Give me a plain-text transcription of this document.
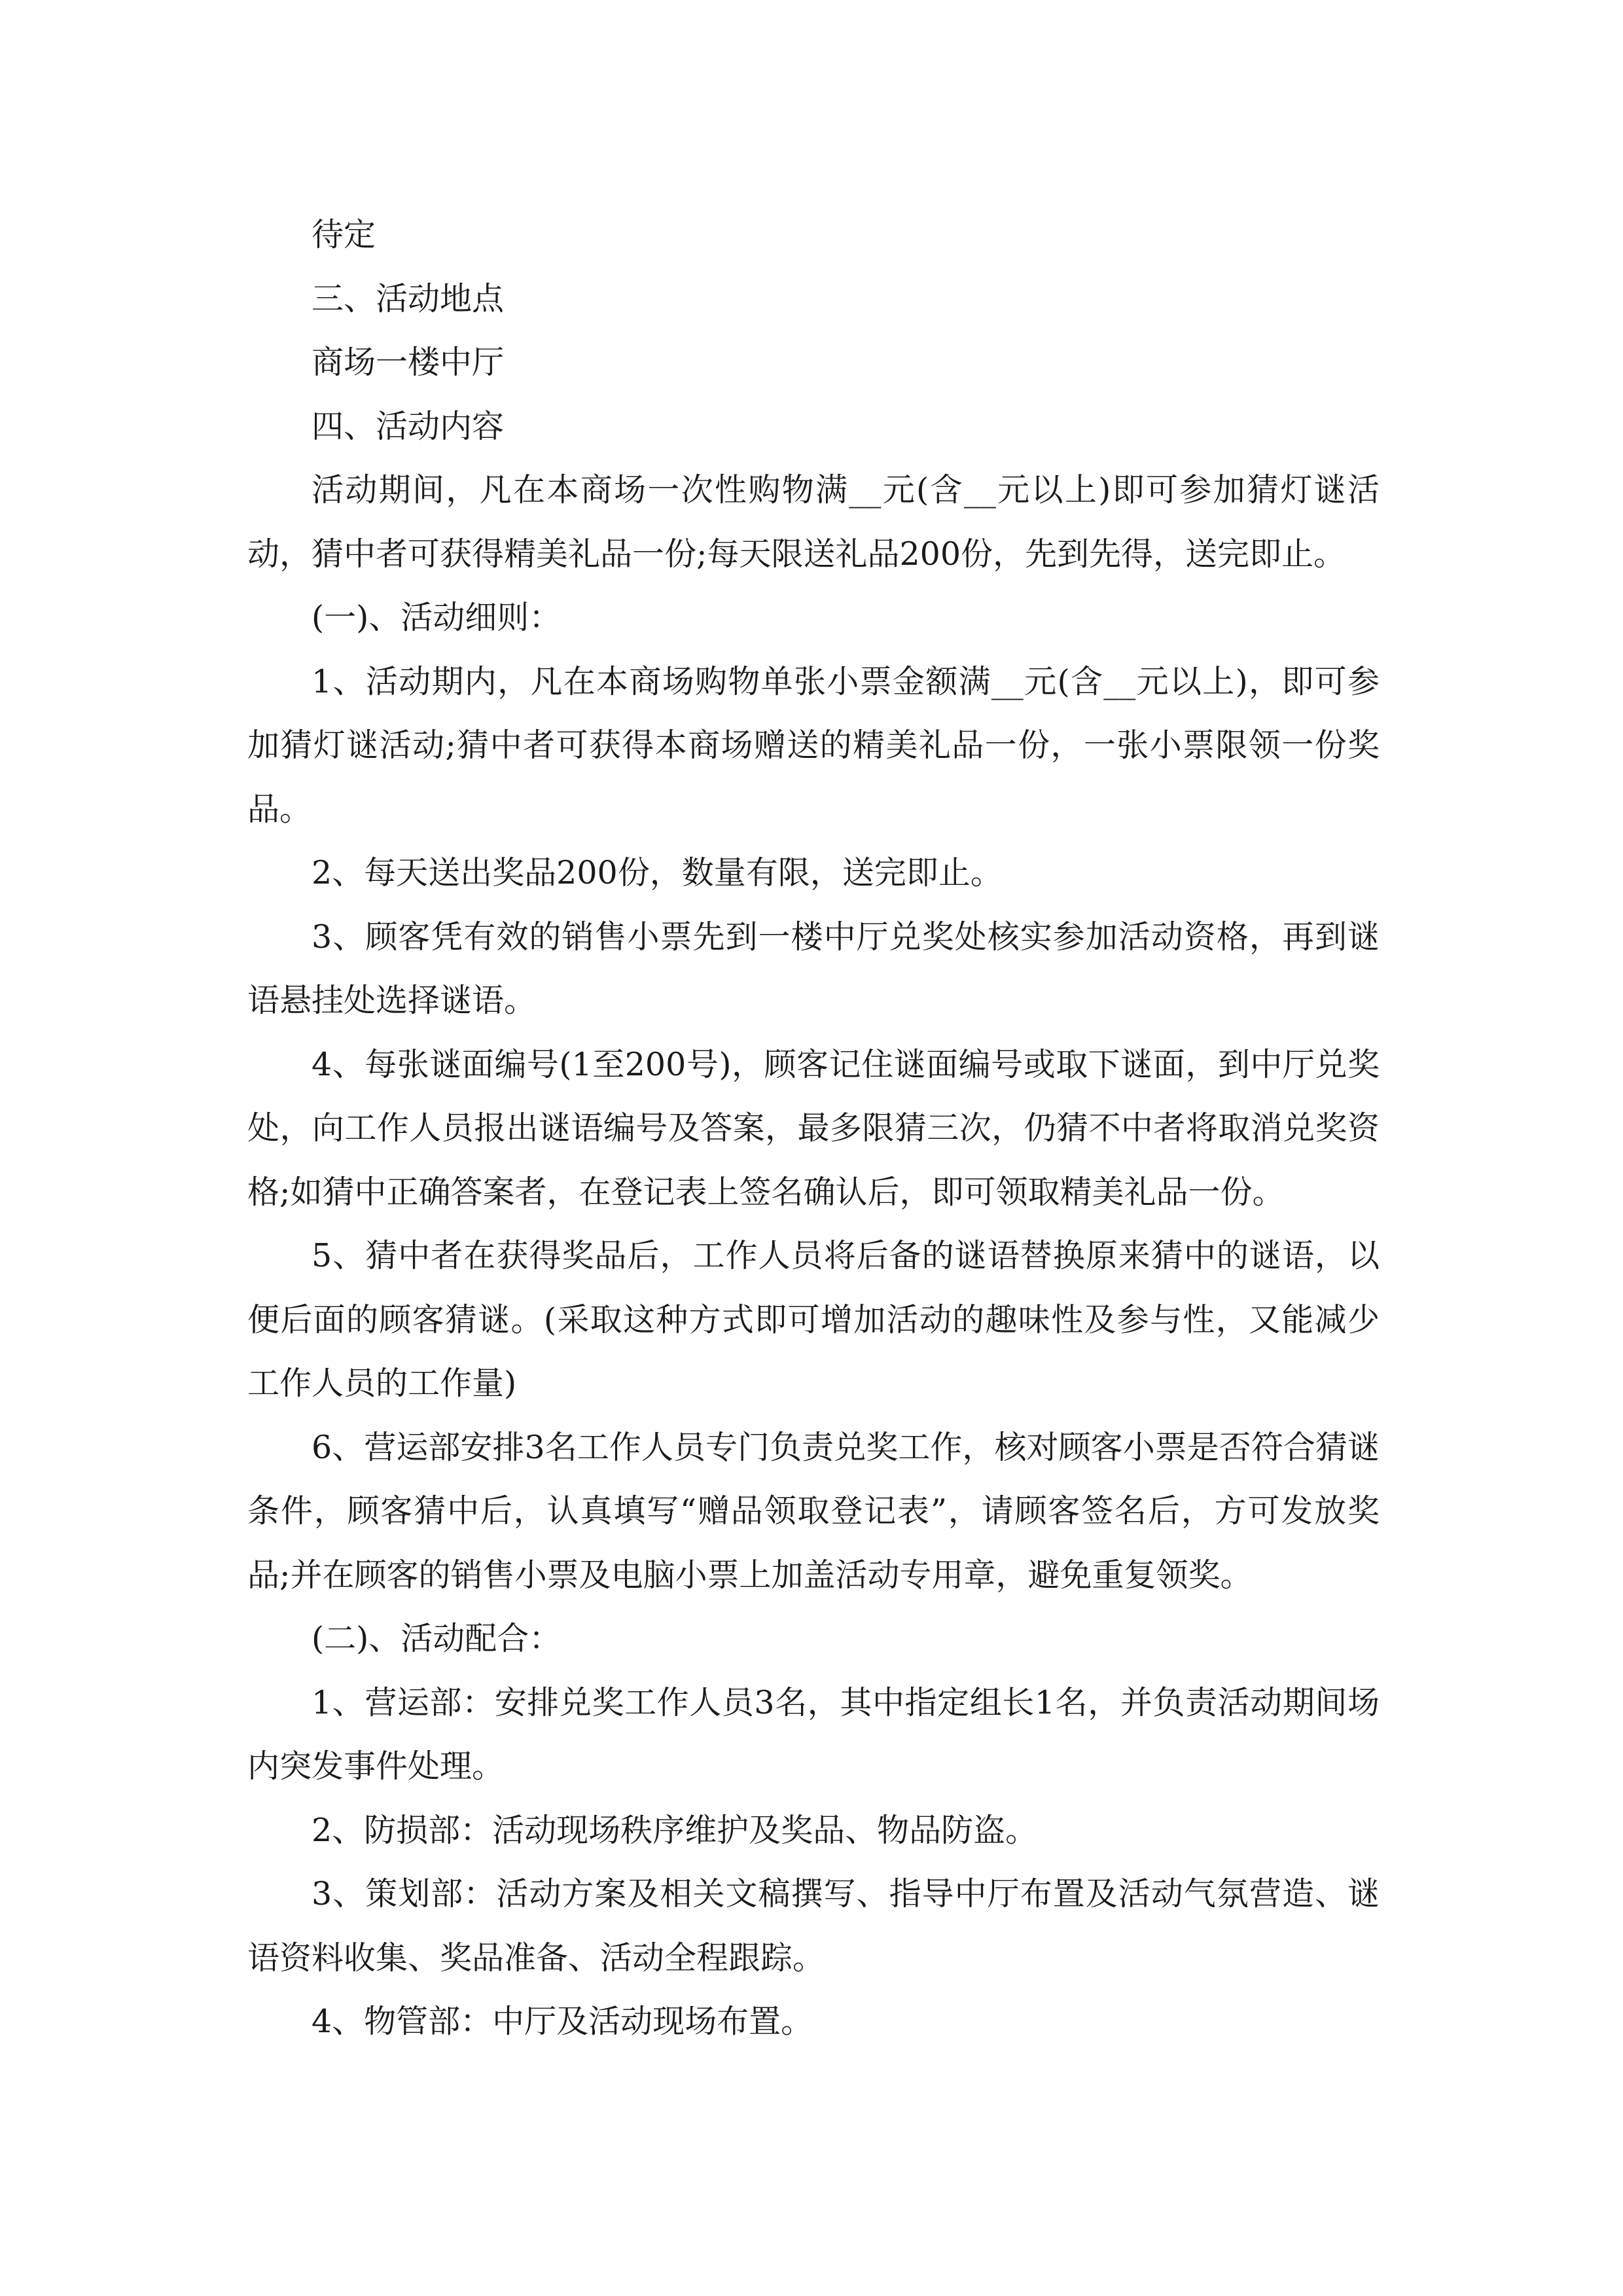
待定

三、活动地点

商场一楼中厅

四、活动内容

活动期间，凡在本商场一次性购物满__元(含__元以上)即可参加猜灯谜活动，猜中者可获得精美礼品一份;每天限送礼品200份，先到先得，送完即止。

(一)、活动细则：

1、活动期内，凡在本商场购物单张小票金额满__元(含__元以上)，即可参加猜灯谜活动;猜中者可获得本商场赠送的精美礼品一份，一张小票限领一份奖品。

2、每天送出奖品200份，数量有限，送完即止。

3、顾客凭有效的销售小票先到一楼中厅兑奖处核实参加活动资格，再到谜语悬挂处选择谜语。

4、每张谜面编号(1至200号)，顾客记住谜面编号或取下谜面，到中厅兑奖处，向工作人员报出谜语编号及答案，最多限猜三次，仍猜不中者将取消兑奖资格;如猜中正确答案者，在登记表上签名确认后，即可领取精美礼品一份。

5、猜中者在获得奖品后，工作人员将后备的谜语替换原来猜中的谜语，以便后面的顾客猜谜。(采取这种方式即可增加活动的趣味性及参与性，又能减少工作人员的工作量)

6、营运部安排3名工作人员专门负责兑奖工作，核对顾客小票是否符合猜谜条件，顾客猜中后，认真填写“赠品领取登记表”，请顾客签名后，方可发放奖品;并在顾客的销售小票及电脑小票上加盖活动专用章，避免重复领奖。

(二)、活动配合：

1、营运部：安排兑奖工作人员3名，其中指定组长1名，并负责活动期间场内突发事件处理。

2、防损部：活动现场秩序维护及奖品、物品防盗。

3、策划部：活动方案及相关文稿撰写、指导中厅布置及活动气氛营造、谜语资料收集、奖品准备、活动全程跟踪。

4、物管部：中厅及活动现场布置。
